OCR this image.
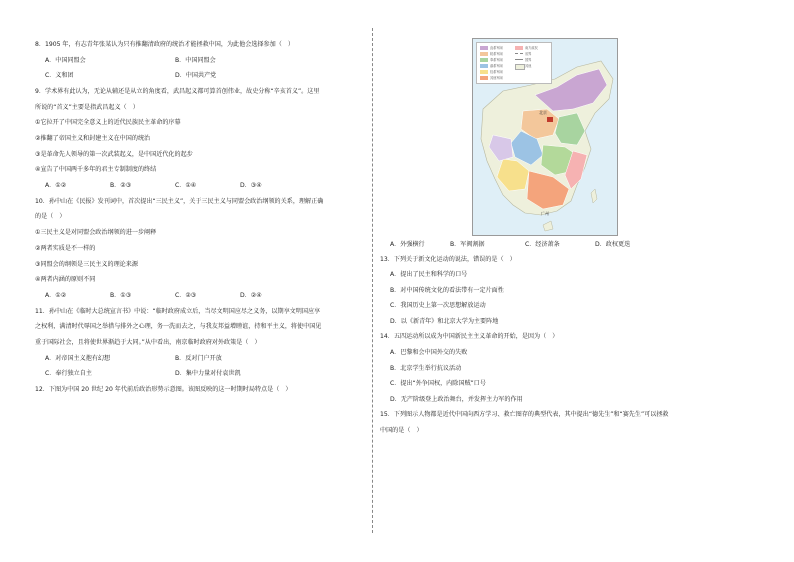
8．1905 年，有志青年张某认为只有推翻清政府的统治才能拯救中国，为此他会选择参加（　）
A．中国同盟会	B．中国同盟会
C．义和团	D．中国共产党
9．学术界有此认为，无论从辅还是从立的角度看，武昌起义都可算首创伟业，故史分称“辛亥首义”。这里
所说的“首义”主要是指武昌起义（　）
①它拉开了中国完全意义上的近代民族民主革命的序幕
②推翻了帝国主义和封建主义在中国的统治
③是革命先人领导的第一次武装起义，是中国近代化的起步
④宣告了中国两千多年的君主专制制度的终结
A．①②	B．②③	C．①④	D．③④
10．孙中山在《民报》发刊词中，首次提出“三民主义”，关于三民主义与同盟会政治纲领的关系，理解正确
的是（　）
①三民主义是对同盟会政治纲领的进一步阐释
②两者实质是不一样的
③同盟会的纲领是三民主义的理论来源
④两者内涵的原则不同
A．①②	B．①③	C．②③	D．②④
11．孙中山在《临时大总统宣言书》中说：“临时政府成立后，当尽文明国应尽之义务，以期享文明国应享
之权利，满清时代辱国之举措与排外之心理，务一洗而去之，与我友邦益增睦谊，持和平主义，将使中国见
重于国际社会，且将使世界渐趋于大同。”从中看出，南京临时政府对外政策是（　）
A．对帝国主义抱有幻想	B．反对门户开放
C．奉行独立自主	D．集中力量对付袁世凯
12．下图为中国 20 世纪 20 年代前后政治形势示意图。该图反映的这一时期时局特点是（　）
直系军阀
皖系军阀
奉系军阀
滇系军阀
桂系军阀
其他军阀
南方政权
省界
国界
其他
北京
广州
A．外强横行	B．军阀割据	C．经济萧条	D．政权更迭
13．下列关于新文化运动的说法，错误的是（　）
A．提出了民主和科学的口号
B．对中国传统文化的看法带有一定片面性
C．我国历史上第一次思想解放运动
D．以《新青年》和北京大学为主要阵地
14．五四运动所以成为中国新民主主义革命的开始，是因为（　）
A．巴黎和会中国外交的失败
B．北京学生举行抗议活动
C．提出“外争国权，内除国贼”口号
D．无产阶级登上政治舞台，并发挥主力军的作用
15．下列图示人物都是近代中国向西方学习、救亡图存的典型代表，其中提出“德先生”和“赛先生”可以拯救
中国的是（　）
